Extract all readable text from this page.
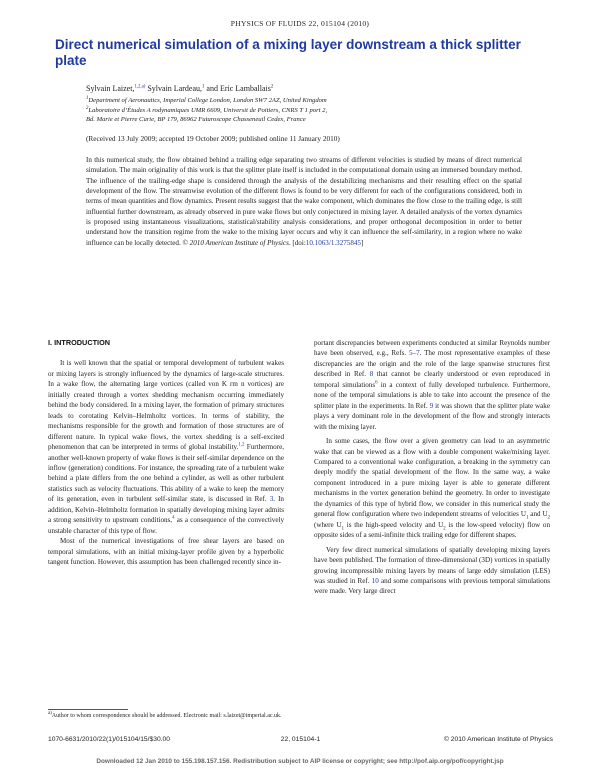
PHYSICS OF FLUIDS 22, 015104 (2010)
Direct numerical simulation of a mixing layer downstream a thick splitter plate
Sylvain Laizet,$^{1,2,a)}$ Sylvain Lardeau,$^1$ and Eric Lamballais$^2$
$^1$Department of Aeronautics, Imperial College London, London SW7 2AZ, United Kingdom
$^2$Laboratoire d’Études A rodynamiques UMR 6609, Universit de Poitiers, CNRS T 1 port 2,
Bd. Marie et Pierre Curie, BP 179, 86962 Futuroscope Chasseneuil Cedex, France
(Received 13 July 2009; accepted 19 October 2009; published online 11 January 2010)
In this numerical study, the flow obtained behind a trailing edge separating two streams of different velocities is studied by means of direct numerical simulation. The main originality of this work is that the splitter plate itself is included in the computational domain using an immersed boundary method. The influence of the trailing-edge shape is considered through the analysis of the destabilizing mechanisms and their resulting effect on the spatial development of the flow. The streamwise evolution of the different flows is found to be very different for each of the configurations considered, both in terms of mean quantities and flow dynamics. Present results suggest that the wake component, which dominates the flow close to the trailing edge, is still influential further downstream, as already observed in pure wake flows but only conjectured in mixing layer. A detailed analysis of the vortex dynamics is proposed using instantaneous visualizations, statistical/stability analysis considerations, and proper orthogonal decomposition in order to better understand how the transition regime from the wake to the mixing layer occurs and why it can influence the self-similarity, in a region where no wake influence can be locally detected. © 2010 American Institute of Physics. [doi:10.1063/1.3275845]
I. INTRODUCTION

It is well known that the spatial or temporal development of turbulent wakes or mixing layers is strongly influenced by the dynamics of large-scale structures. In a wake flow, the alternating large vortices (called von K rm n vortices) are initially created through a vortex shedding mechanism occurring immediately behind the body considered. In a mixing layer, the formation of primary structures leads to corotating Kelvin–Helmholtz vortices. In terms of stability, the mechanisms responsible for the growth and formation of those structures are of different nature. In typical wake flows, the vortex shedding is a self-excited phenomenon that can be interpreted in terms of global instability.$^{1,2}$ Furthermore, another well-known property of wake flows is their self-similar dependence on the inflow (generation) conditions. For instance, the spreading rate of a turbulent wake behind a plate differs from the one behind a cylinder, as well as other turbulent statistics such as velocity fluctuations. This ability of a wake to keep the memory of its generation, even in turbulent self-similar state, is discussed in Ref. 3. In addition, Kelvin–Helmholtz formation in spatially developing mixing layer admits a strong sensitivity to upstream conditions,$^4$ as a consequence of the convectively unstable character of this type of flow.

Most of the numerical investigations of free shear layers are based on temporal simulations, with an initial mixing-layer profile given by a hyperbolic tangent function. However, this assumption has been challenged recently since in-

portant discrepancies between experiments conducted at similar Reynolds number have been observed, e.g., Refs. 5–7. The most representative examples of these discrepancies are the origin and the role of the large spanwise structures first described in Ref. 8 that cannot be clearly understood or even reproduced in temporal simulations$^6$ in a context of fully developed turbulence. Furthermore, none of the temporal simulations is able to take into account the presence of the splitter plate in the experiments. In Ref. 9 it was shown that the splitter plate wake plays a very dominant role in the development of the flow and strongly interacts with the mixing layer.

In some cases, the flow over a given geometry can lead to an asymmetric wake that can be viewed as a flow with a double component wake/mixing layer. Compared to a conventional wake configuration, a breaking in the symmetry can deeply modify the spatial development of the flow. In the same way, a wake component introduced in a pure mixing layer is able to generate different mechanisms in the vortex generation behind the geometry. In order to investigate the dynamics of this type of hybrid flow, we consider in this numerical study the general flow configuration where two independent streams of velocities $U_1$ and $U_2$ (where $U_1$ is the high-speed velocity and $U_2$ is the low-speed velocity) flow on opposite sides of a semi-infinite thick trailing edge for different shapes.

Very few direct numerical simulations of spatially developing mixing layers have been published. The formation of three-dimensional (3D) vortices in spatially growing incompressible mixing layers by means of large eddy simulation (LES) was studied in Ref. 10 and some comparisons with previous temporal simulations were made. Very large direct

$^{a)}$Author to whom correspondence should be addressed. Electronic mail: s.laizet@imperial.ac.uk.
1070-6631/2010/22(1)/015104/15/$30.00	22, 015104-1	© 2010 American Institute of Physics
Downloaded 12 Jan 2010 to 155.198.157.156. Redistribution subject to AIP license or copyright; see http://pof.aip.org/pof/copyright.jsp
